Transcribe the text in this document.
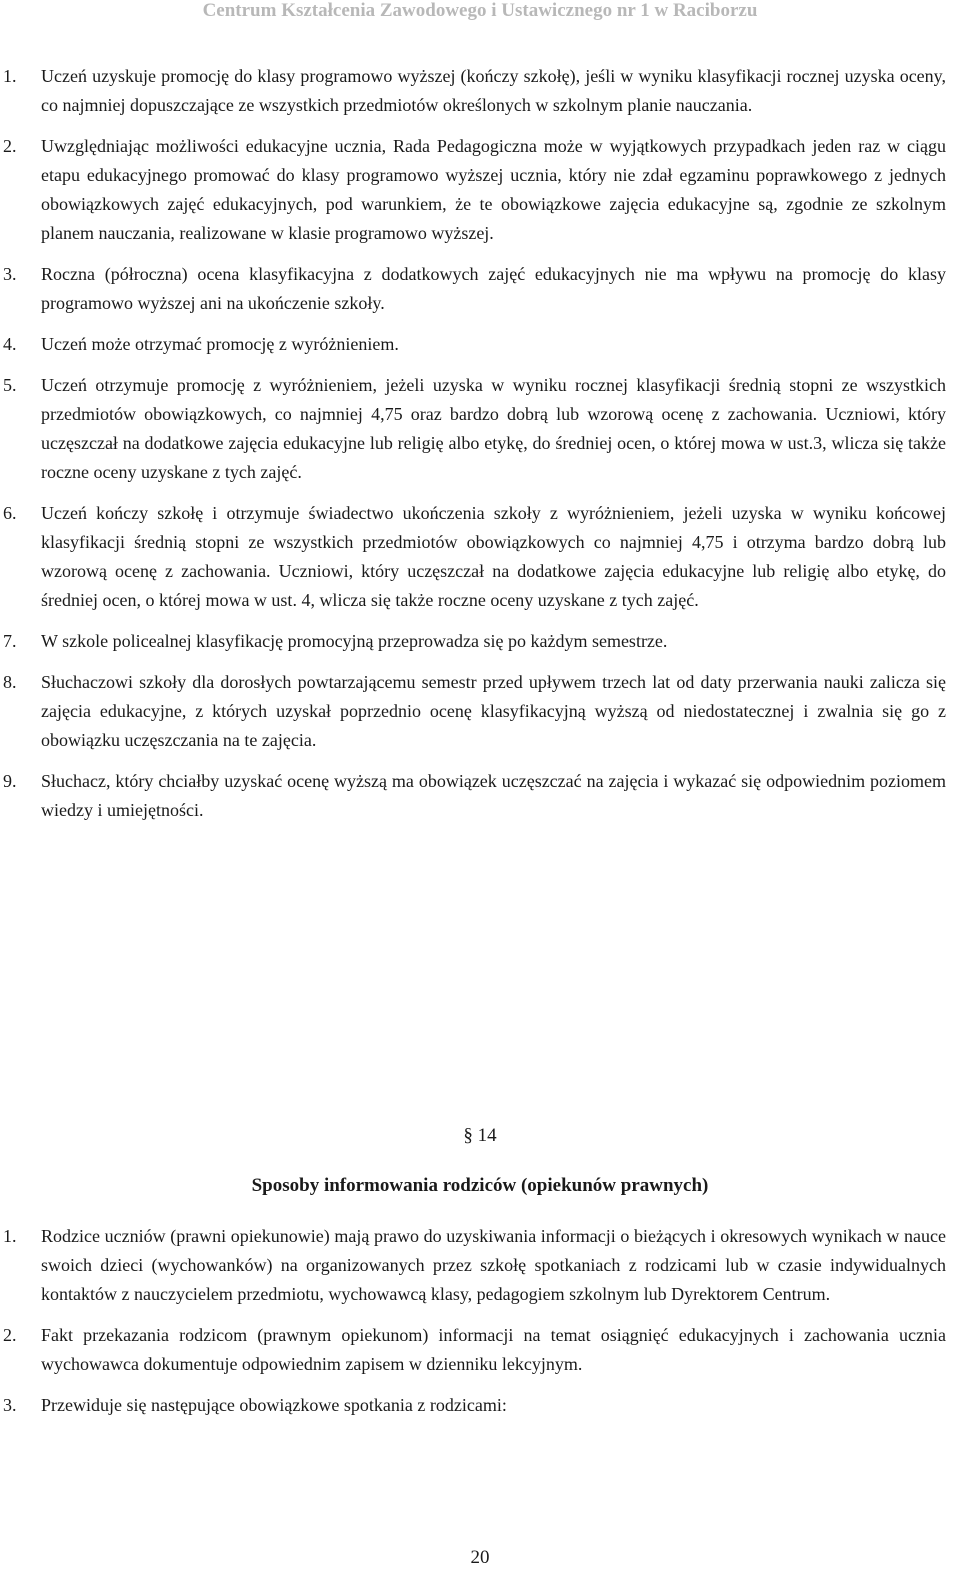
Centrum Kształcenia Zawodowego i Ustawicznego nr 1 w Raciborzu
1. Uczeń uzyskuje promocję do klasy programowo wyższej (kończy szkołę), jeśli w wyniku klasyfikacji rocznej uzyska oceny, co najmniej dopuszczające ze wszystkich przedmiotów określonych w szkolnym planie nauczania.
2. Uwzględniając możliwości edukacyjne ucznia, Rada Pedagogiczna może w wyjątkowych przypadkach jeden raz w ciągu etapu edukacyjnego promować do klasy programowo wyższej ucznia, który nie zdał egzaminu poprawkowego z jednych obowiązkowych zajęć edukacyjnych, pod warunkiem, że te obowiązkowe zajęcia edukacyjne są, zgodnie ze szkolnym planem nauczania, realizowane w klasie programowo wyższej.
3. Roczna (półroczna) ocena klasyfikacyjna z dodatkowych zajęć edukacyjnych nie ma wpływu na promocję do klasy programowo wyższej ani na ukończenie szkoły.
4. Uczeń może otrzymać promocję z wyróżnieniem.
5. Uczeń otrzymuje promocję z wyróżnieniem, jeżeli uzyska w wyniku rocznej klasyfikacji średnią stopni ze wszystkich przedmiotów obowiązkowych, co najmniej 4,75 oraz bardzo dobrą lub wzorową ocenę z zachowania. Uczniowi, który uczęszczał na dodatkowe zajęcia edukacyjne lub religię albo etykę, do średniej ocen, o której mowa w ust.3, wlicza się także roczne oceny uzyskane z tych zajęć.
6. Uczeń kończy szkołę i otrzymuje świadectwo ukończenia szkoły z wyróżnieniem, jeżeli uzyska w wyniku końcowej klasyfikacji średnią stopni ze wszystkich przedmiotów obowiązkowych co najmniej 4,75 i otrzyma bardzo dobrą lub wzorową ocenę z zachowania. Uczniowi, który uczęszczał na dodatkowe zajęcia edukacyjne lub religię albo etykę, do średniej ocen, o której mowa w ust. 4, wlicza się także roczne oceny uzyskane z tych zajęć.
7. W szkole policealnej klasyfikację promocyjną przeprowadza się po każdym semestrze.
8. Słuchaczowi szkoły dla dorosłych powtarzającemu semestr przed upływem trzech lat od daty przerwania nauki zalicza się zajęcia edukacyjne, z których uzyskał poprzednio ocenę klasyfikacyjną wyższą od niedostatecznej i zwalnia się go z obowiązku uczęszczania na te zajęcia.
9. Słuchacz, który chciałby uzyskać ocenę wyższą ma obowiązek uczęszczać na zajęcia i wykazać się odpowiednim poziomem wiedzy i umiejętności.
§ 14
Sposoby informowania rodziców (opiekunów prawnych)
1. Rodzice uczniów (prawni opiekunowie) mają prawo do uzyskiwania informacji o bieżących i okresowych wynikach w nauce swoich dzieci (wychowanków) na organizowanych przez szkołę spotkaniach z rodzicami lub w czasie indywidualnych kontaktów z nauczycielem przedmiotu, wychowawcą klasy, pedagogiem szkolnym lub Dyrektorem Centrum.
2. Fakt przekazania rodzicom (prawnym opiekunom) informacji na temat osiągnięć edukacyjnych i zachowania ucznia wychowawca dokumentuje odpowiednim zapisem w dzienniku lekcyjnym.
3. Przewiduje się następujące obowiązkowe spotkania z rodzicami:
20
